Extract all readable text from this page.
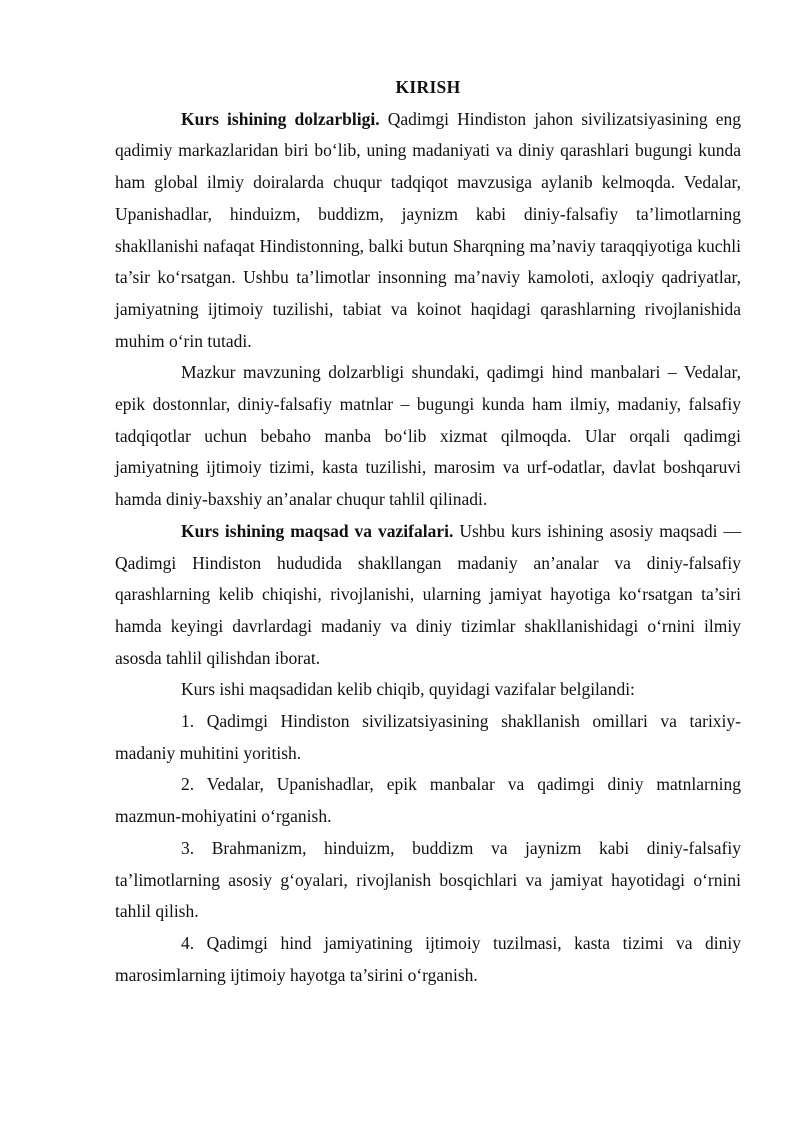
KIRISH

Kurs ishining dolzarbligi. Qadimgi Hindiston jahon sivilizatsiyasining eng qadimiy markazlaridan biri bo‘lib, uning madaniyati va diniy qarashlari bugungi kunda ham global ilmiy doiralarda chuqur tadqiqot mavzusiga aylanib kelmoqda. Vedalar, Upanishadlar, hinduizm, buddizm, jaynizm kabi diniy-falsafiy ta’limotlarning shakllanishi nafaqat Hindistonning, balki butun Sharqning ma’naviy taraqqiyotiga kuchli ta’sir ko‘rsatgan. Ushbu ta’limotlar insonning ma’naviy kamoloti, axloqiy qadriyatlar, jamiyatning ijtimoiy tuzilishi, tabiat va koinot haqidagi qarashlarning rivojlanishida muhim o‘rin tutadi.

Mazkur mavzuning dolzarbligi shundaki, qadimgi hind manbalari – Vedalar, epik dostonnlar, diniy-falsafiy matnlar – bugungi kunda ham ilmiy, madaniy, falsafiy tadqiqotlar uchun bebaho manba bo‘lib xizmat qilmoqda. Ular orqali qadimgi jamiyatning ijtimoiy tizimi, kasta tuzilishi, marosim va urf-odatlar, davlat boshqaruvi hamda diniy-baxshiy an’analar chuqur tahlil qilinadi.

Kurs ishining maqsad va vazifalari. Ushbu kurs ishining asosiy maqsadi — Qadimgi Hindiston hududida shakllangan madaniy an’analar va diniy-falsafiy qarashlarning kelib chiqishi, rivojlanishi, ularning jamiyat hayotiga ko‘rsatgan ta’siri hamda keyingi davrlardagi madaniy va diniy tizimlar shakllanishidagi o‘rnini ilmiy asosda tahlil qilishdan iborat.

Kurs ishi maqsadidan kelib chiqib, quyidagi vazifalar belgilandi:

1. Qadimgi Hindiston sivilizatsiyasining shakllanish omillari va tarixiy-madaniy muhitini yoritish.

2. Vedalar, Upanishadlar, epik manbalar va qadimgi diniy matnlarning mazmun-mohiyatini o‘rganish.

3. Brahmanizm, hinduizm, buddizm va jaynizm kabi diniy-falsafiy ta’limotlarning asosiy g‘oyalari, rivojlanish bosqichlari va jamiyat hayotidagi o‘rnini tahlil qilish.

4. Qadimgi hind jamiyatining ijtimoiy tuzilmasi, kasta tizimi va diniy marosimlarning ijtimoiy hayotga ta’sirini o‘rganish.
